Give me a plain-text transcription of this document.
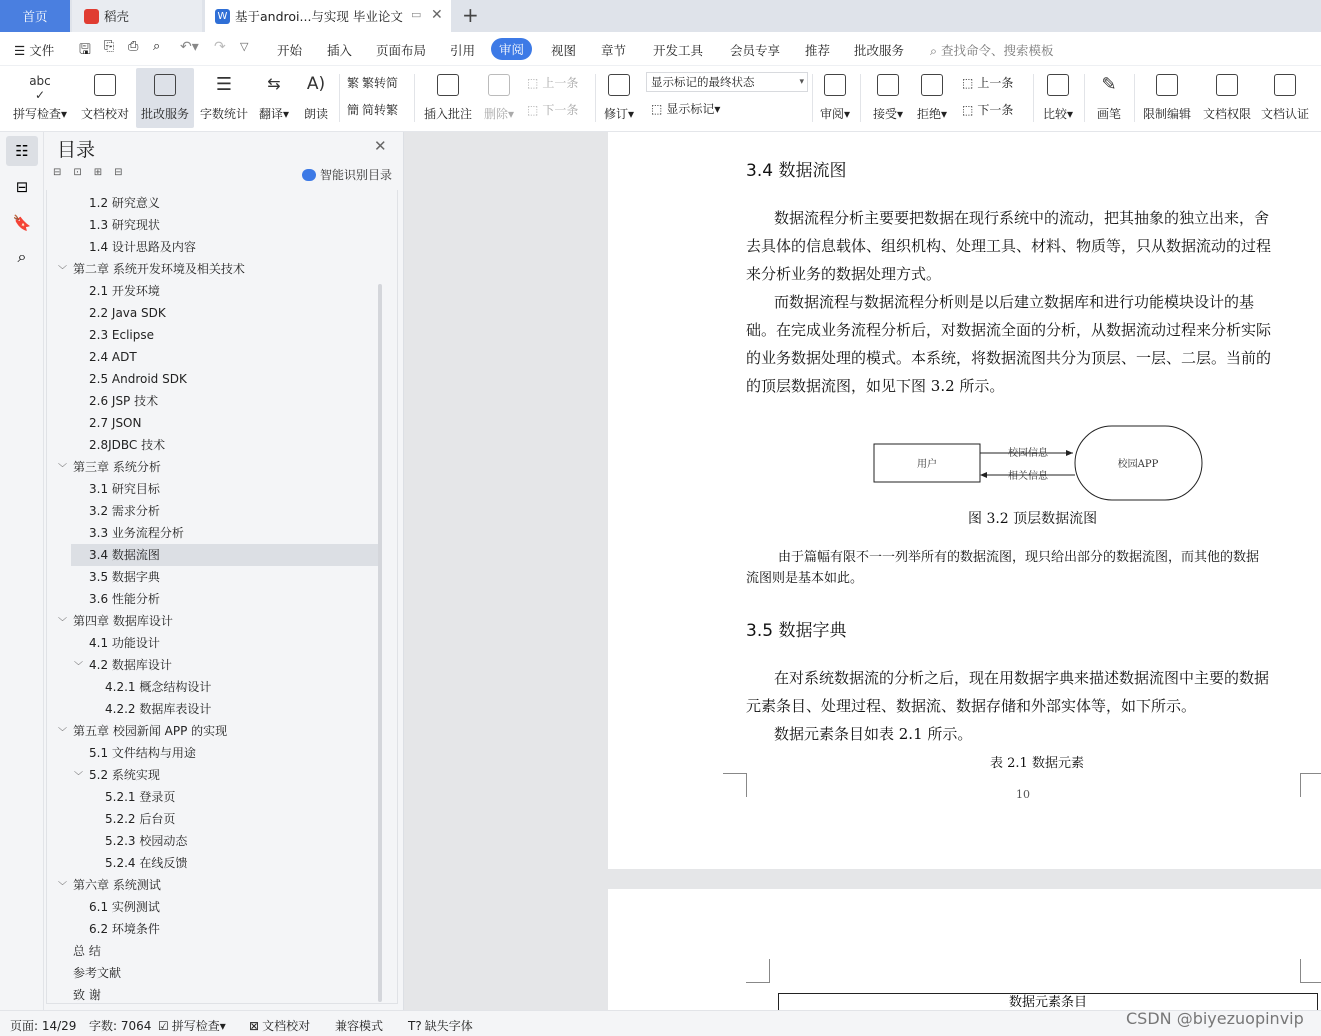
首页	稻壳	W 基于androi...与实现 毕业论文 ▭ ✕ +
☰ 文件 🖫 ⎘ ⎙ ⌕ ↶▾ ↷ ▽ 开始 插入 页面布局 引用	审阅	视图 章节 开发工具 会员专享 推荐 批改服务 ⌕ 查找命令、搜索模板
abc
✓
拼写检查▾ 文档校对 批改服务
☰
字数统计
⇆
翻译▾
A)
朗读
繁 繁转简
簡 简转繁 插入批注 删除▾
⬚ 上一条
⬚ 下一条 修订▾
显示标记的最终状态	▾
⬚ 显示标记 ▾	审阅▾ 接受▾ 拒绝▾
⬚ 上一条
⬚ 下一条 比较▾
✎
画笔 限制编辑 文档权限 文档认证
☷
⊟
🔖
⌕
目录	✕
⊟⊡⊞⊟	智能识别目录
1.2 研究意义
1.3 研究现状
1.4 设计思路及内容
﹀ 第二章 系统开发环境及相关技术
2.1 开发环境
2.2 Java SDK
2.3 Eclipse
2.4 ADT
2.5 Android SDK
2.6 JSP 技术
2.7 JSON
2.8JDBC 技术
﹀ 第三章 系统分析
3.1 研究目标
3.2 需求分析
3.3 业务流程分析
3.4 数据流图
3.5 数据字典
3.6 性能分析
﹀ 第四章 数据库设计
4.1 功能设计
﹀ 4.2 数据库设计
4.2.1 概念结构设计
4.2.2 数据库表设计
﹀ 第五章 校园新闻 APP 的实现
5.1 文件结构与用途
﹀ 5.2 系统实现
5.2.1 登录页
5.2.2 后台页
5.2.3 校园动态
5.2.4 在线反馈
﹀ 第六章 系统测试
6.1 实例测试
6.2 环境条件
总 结
参考文献
致 谢
3.4 数据流图
数据流程分析主要要把数据在现行系统中的流动，把其抽象的独立出来，舍
去具体的信息载体、组织机构、处理工具、材料、物质等，只从数据流动的过程
来分析业务的数据处理方式。
而数据流程与数据流程分析则是以后建立数据库和进行功能模块设计的基
础。在完成业务流程分析后，对数据流全面的分析，从数据流动过程来分析实际
的业务数据处理的模式。本系统，将数据流图共分为顶层、一层、二层。当前的
的顶层数据流图，如见下图 3.2 所示。
用户	校园APP
校园信息
相关信息
图 3.2 顶层数据流图
由于篇幅有限不一一列举所有的数据流图，现只给出部分的数据流图，而其他的数据
流图则是基本如此。
3.5 数据字典
在对系统数据流的分析之后，现在用数据字典来描述数据流图中主要的数据
元素条目、处理过程、数据流、数据存储和外部实体等，如下所示。
数据元素条目如表 2.1 所示。
表 2.1 数据元素
10
数据元素条目
页面: 14/29 字数: 7064 ☑ 拼写检查 ▾ ⊠ 文档校对 兼容模式 T? 缺失字体	CSDN @biyezuopinvip
